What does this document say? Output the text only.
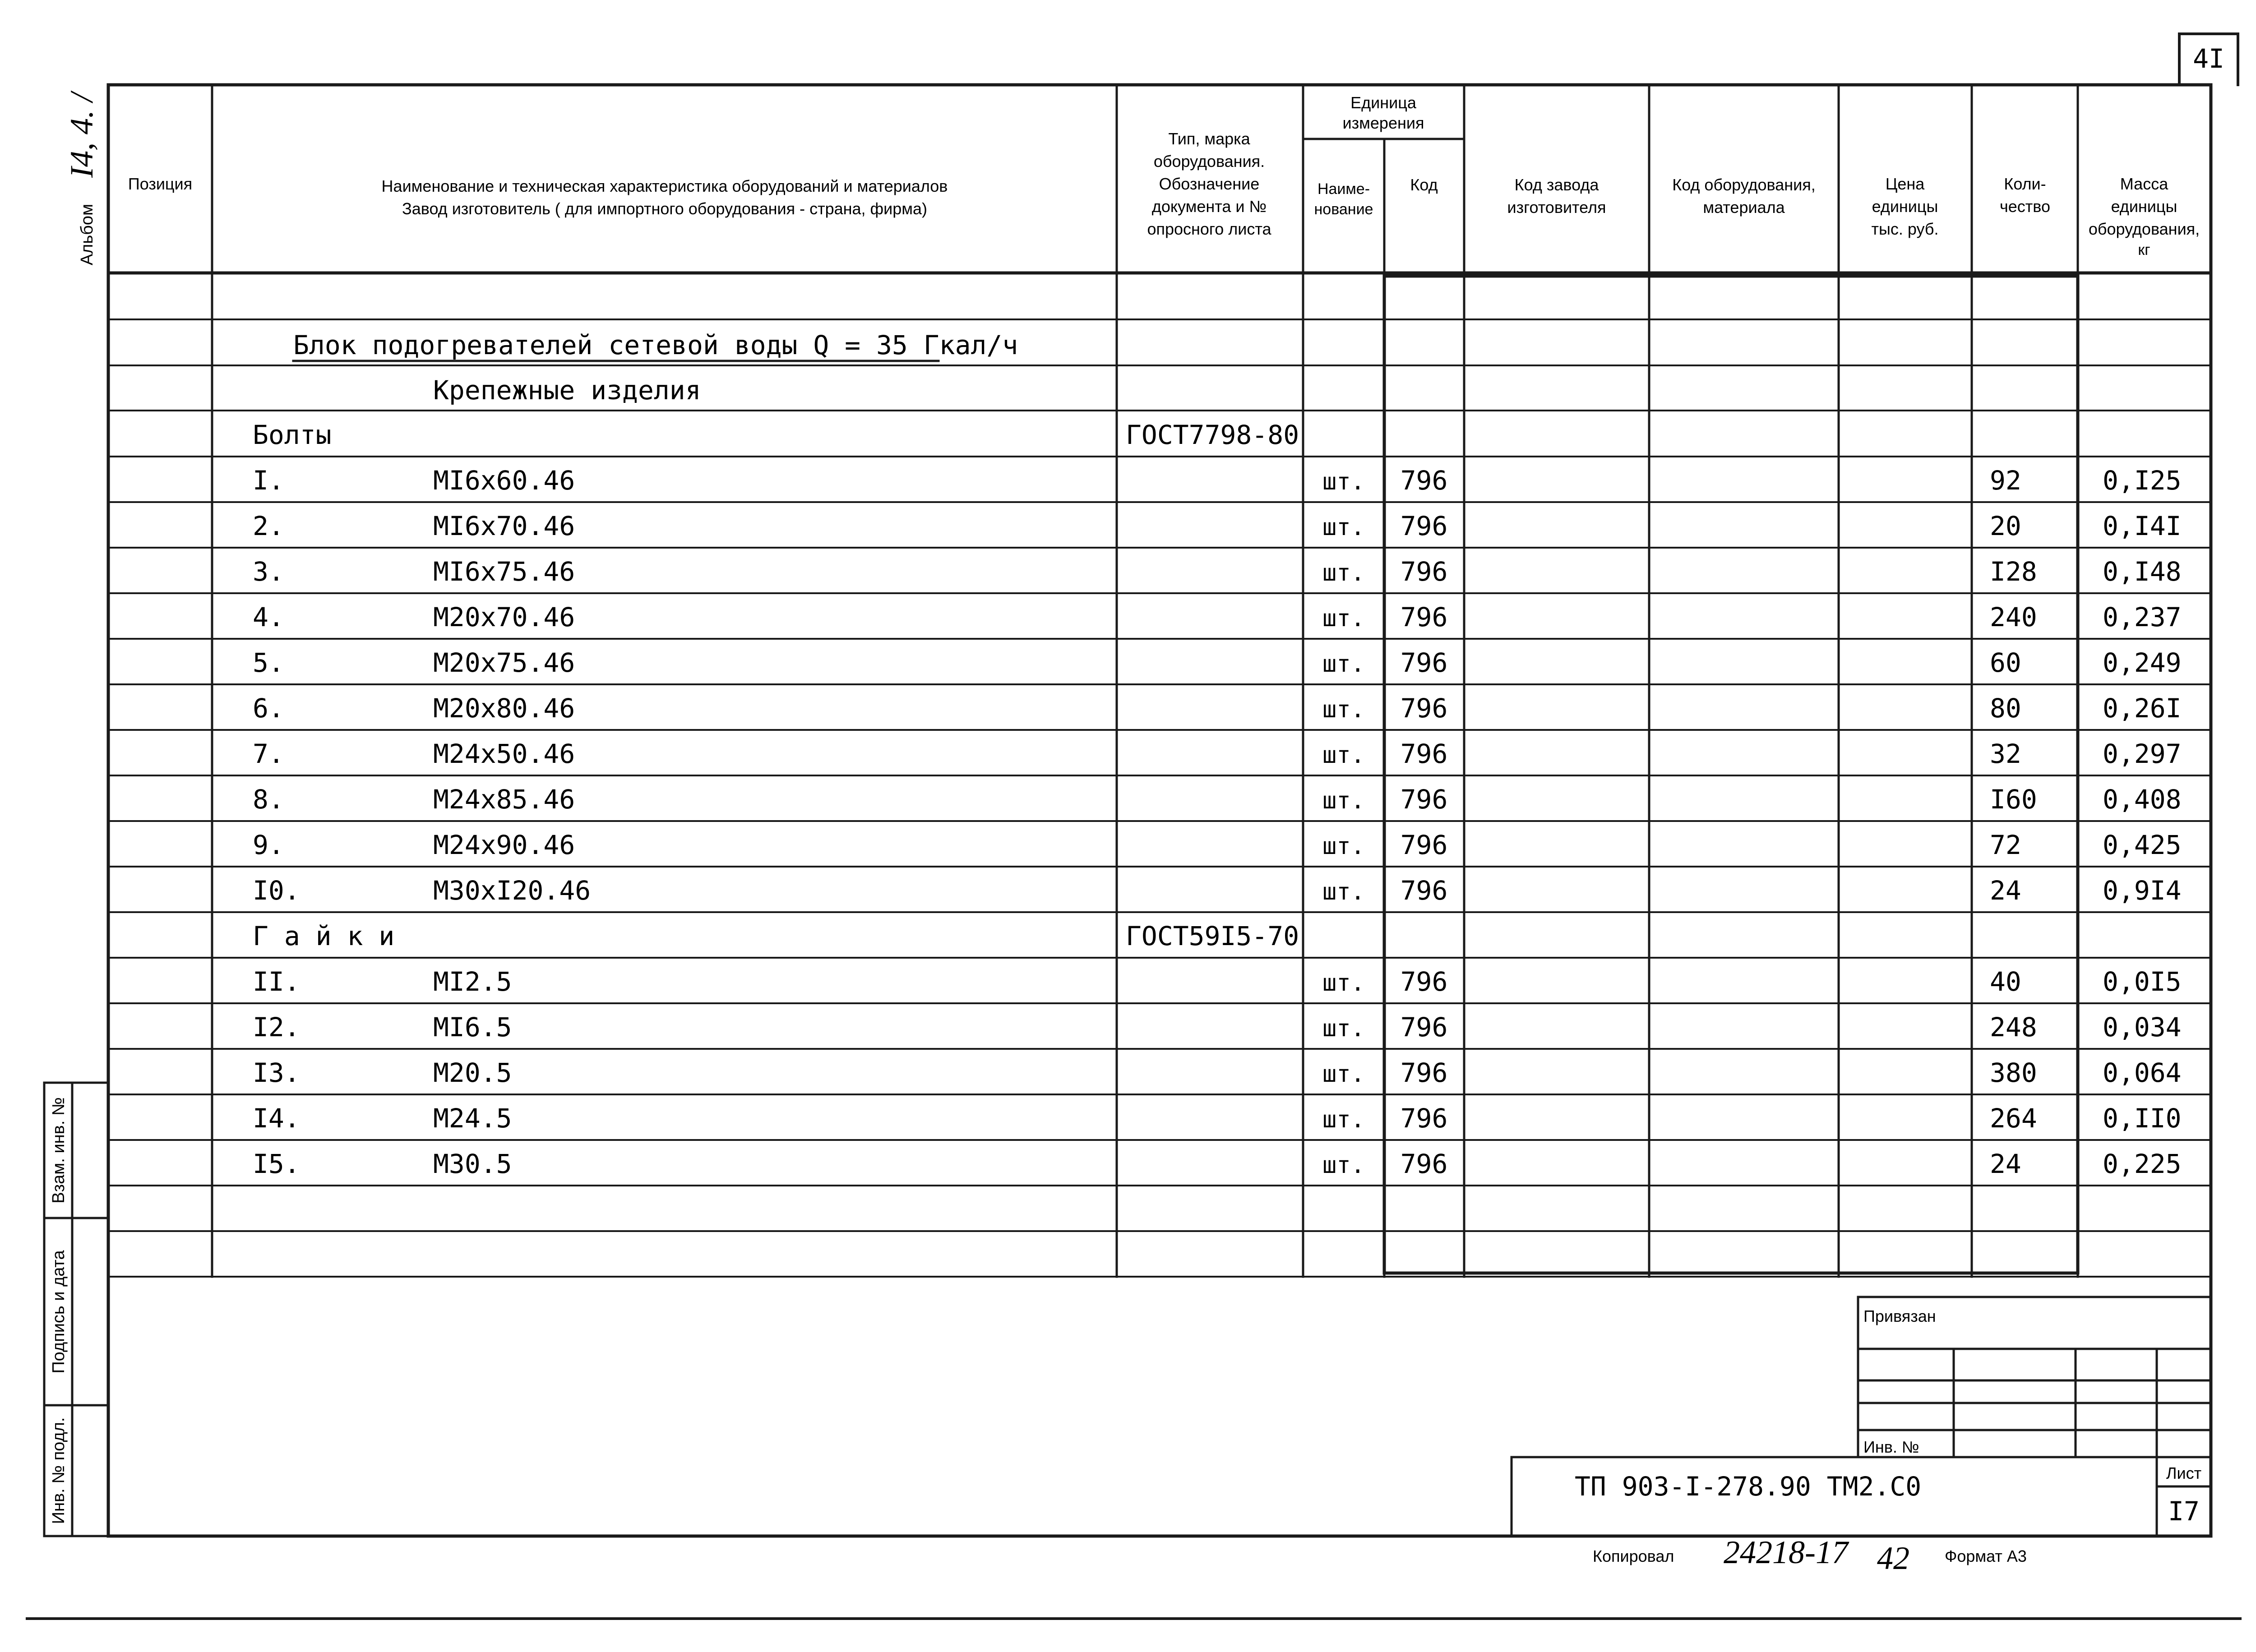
4I
Альбом
I4, 4. /
Взам. инв. №
Подпись и дата
Инв. № подл.
Позиция	Наименование и техническая характеристика оборудований и материалов
Завод изготовитель ( для импортного оборудования - страна, фирма)
Тип, марка
оборудования.
Обозначение
документа и №
опросного листа
Единица
измерения
Наиме-
нование
Код	Код завода
изготовителя
Код оборудования,
материала
Цена
единицы
тыс. руб.
Коли-
чество
Масса
единицы
оборудования,
кг
Блок подогревателей сетевой воды Q = 35 Гкал/ч
Крепежные изделия
Болты	ГОСТ7798-80
I.	МI6х60.46	шт. 796	92	0,I25
2.	МI6х70.46	шт. 796	20	0,I4I
3.	МI6х75.46	шт. 796	I28	0,I48
4.	М20х70.46	шт. 796	240	0,237
5.	М20х75.46	шт. 796	60	0,249
6.	М20х80.46	шт. 796	80	0,26I
7.	М24х50.46	шт. 796	32	0,297
8.	М24х85.46	шт. 796	I60	0,408
9.	М24х90.46	шт. 796	72	0,425
I0.	М30хI20.46	шт. 796	24	0,9I4
Г а й к и	ГОСТ59I5-70
II.	МI2.5	шт. 796	40	0,0I5
I2.	МI6.5	шт. 796	248	0,034
I3.	М20.5	шт. 796	380	0,064
I4.	М24.5	шт. 796	264	0,II0
I5.	М30.5	шт. 796	24	0,225
Привязан
Инв. №
ТП 903-I-278.90 ТМ2.С0	Лист
I7
Копировал 24218-17 42 Формат А3
